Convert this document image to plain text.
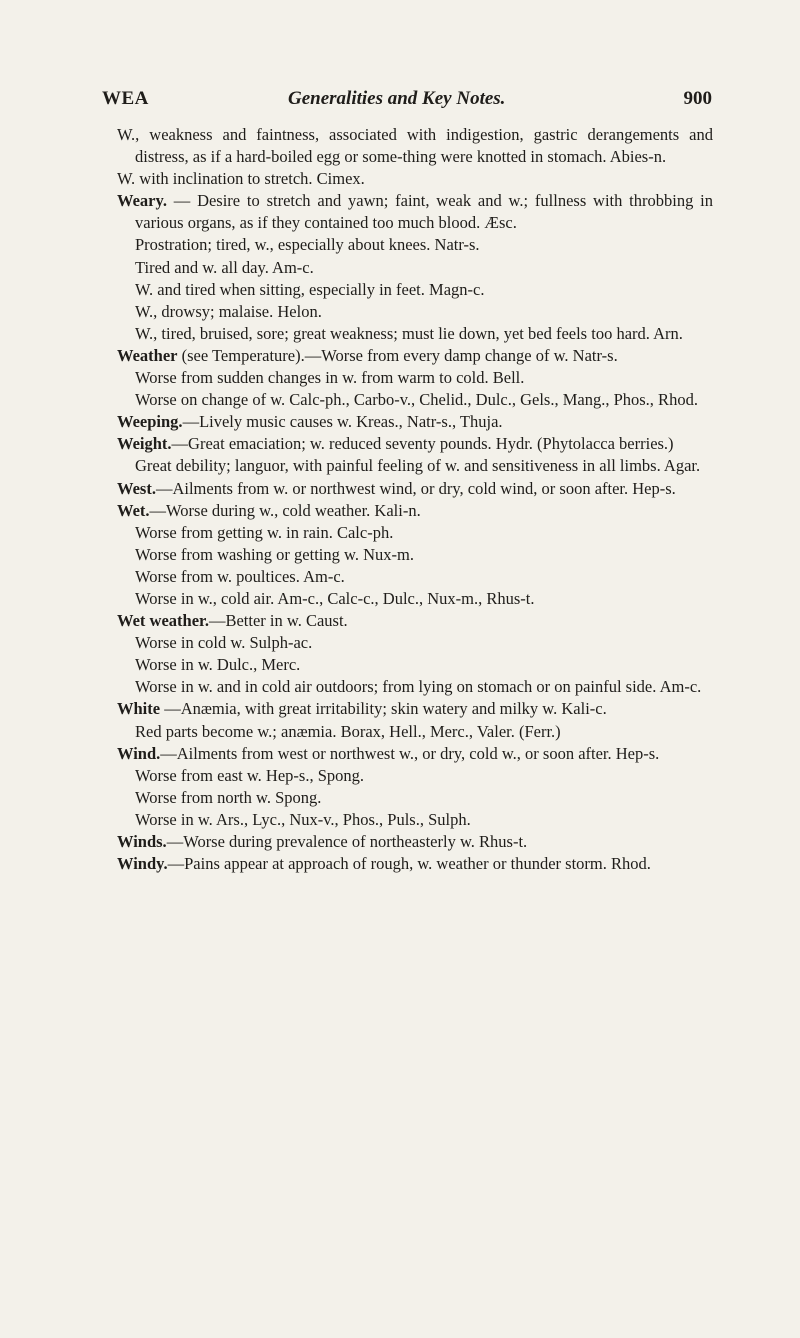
WEA	Generalities and Key Notes.	900

W., weakness and faintness, associated with indigestion, gastric derangements and distress, as if a hard-boiled egg or some-thing were knotted in stomach. Abies-n.

W. with inclination to stretch. Cimex.

Weary. — Desire to stretch and yawn; faint, weak and w.; fullness with throbbing in various organs, as if they contained too much blood. Æsc.

Prostration; tired, w., especially about knees. Natr-s.

Tired and w. all day. Am-c.

W. and tired when sitting, especially in feet. Magn-c.

W., drowsy; malaise. Helon.

W., tired, bruised, sore; great weakness; must lie down, yet bed feels too hard. Arn.

Weather (see Temperature).—Worse from every damp change of w. Natr-s.

Worse from sudden changes in w. from warm to cold. Bell.

Worse on change of w. Calc-ph., Carbo-v., Chelid., Dulc., Gels., Mang., Phos., Rhod.

Weeping.—Lively music causes w. Kreas., Natr-s., Thuja.

Weight.—Great emaciation; w. reduced seventy pounds. Hydr. (Phytolacca berries.)

Great debility; languor, with painful feeling of w. and sensitiveness in all limbs. Agar.

West.—Ailments from w. or northwest wind, or dry, cold wind, or soon after. Hep-s.

Wet.—Worse during w., cold weather. Kali-n.

Worse from getting w. in rain. Calc-ph.

Worse from washing or getting w. Nux-m.

Worse from w. poultices. Am-c.

Worse in w., cold air. Am-c., Calc-c., Dulc., Nux-m., Rhus-t.

Wet weather.—Better in w. Caust.

Worse in cold w. Sulph-ac.

Worse in w. Dulc., Merc.

Worse in w. and in cold air outdoors; from lying on stomach or on painful side. Am-c.

White —Anæmia, with great irritability; skin watery and milky w. Kali-c.

Red parts become w.; anæmia. Borax, Hell., Merc., Valer. (Ferr.)

Wind.—Ailments from west or northwest w., or dry, cold w., or soon after. Hep-s.

Worse from east w. Hep-s., Spong.

Worse from north w. Spong.

Worse in w. Ars., Lyc., Nux-v., Phos., Puls., Sulph.

Winds.—Worse during prevalence of northeasterly w. Rhus-t.

Windy.—Pains appear at approach of rough, w. weather or thunder storm. Rhod.
